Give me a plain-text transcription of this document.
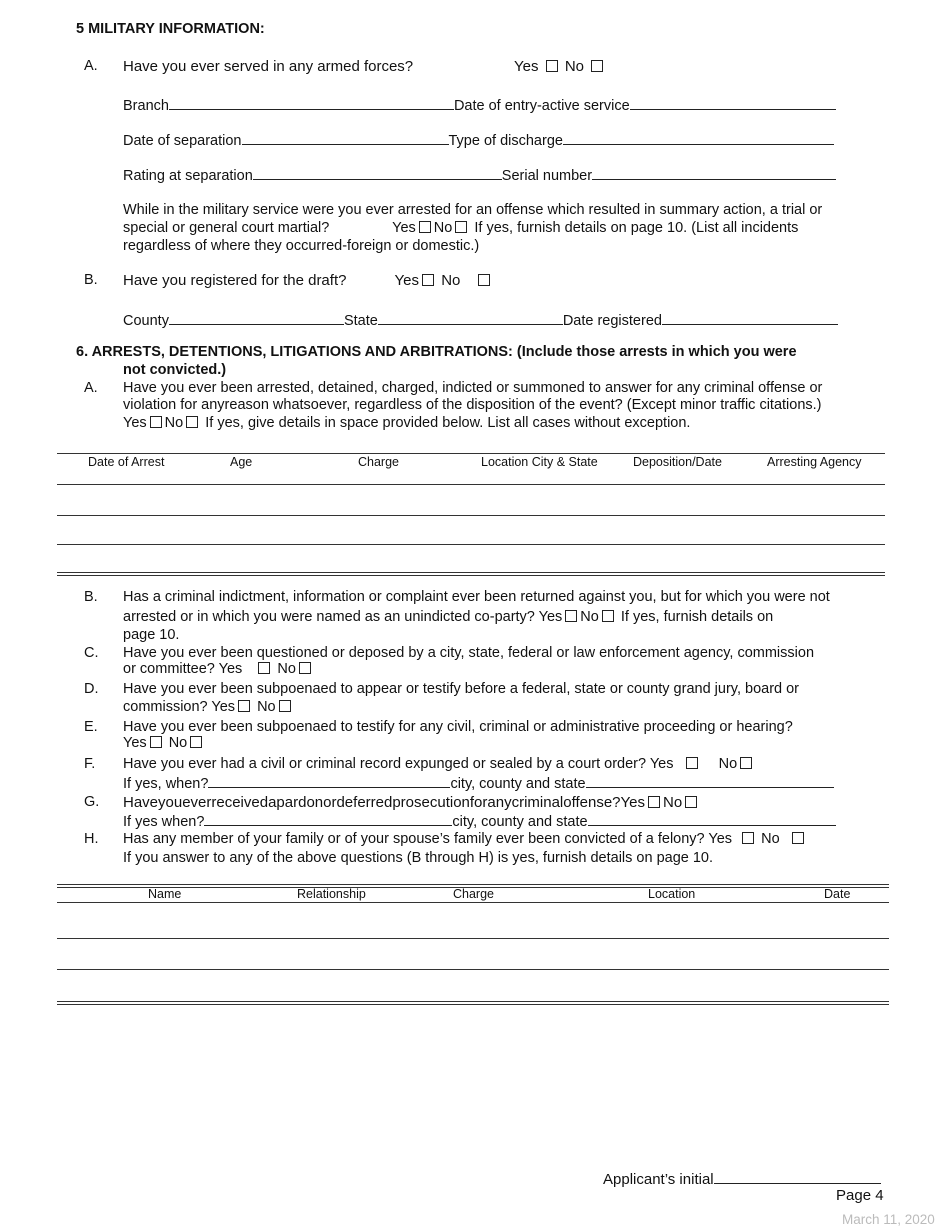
5 MILITARY INFORMATION:
A. Have you ever served in any armed forces?	Yes No
Branch	Date of entry-active service
Date of separation	Type of discharge
Rating at separation	Serial number
While in the military service were you ever arrested for an offense which resulted in summary action, a trial or
special or general court martial?	Yes No If yes, furnish details on page 10. (List all incidents
regardless of where they occurred-foreign or domestic.)
B. Have you registered for the draft?	Yes No
County	State	Date registered
6. ARRESTS, DETENTIONS, LITIGATIONS AND ARBITRATIONS: (Include those arrests in which you were
not convicted.)
A. Have you ever been arrested, detained, charged, indicted or summoned to answer for any criminal offense or
violation for anyreason whatsoever, regardless of the disposition of the event? (Except minor traffic citations.)
Yes No If yes, give details in space provided below. List all cases without exception.
Date of Arrest	Age	Charge	Location City & State	Deposition/Date	Arresting Agency
B. Has a criminal indictment, information or complaint ever been returned against you, but for which you were not
arrested or in which you were named as an unindicted co-party? Yes No If yes, furnish details on
page 10.
C. Have you ever been questioned or deposed by a city, state, federal or law enforcement agency, commission
or committee? Yes No
D. Have you ever been subpoenaed to appear or testify before a federal, state or county grand jury, board or
commission? Yes No
E. Have you ever been subpoenaed to testify for any civil, criminal or administrative proceeding or hearing?
Yes No
F. Have you ever had a civil or criminal record expunged or sealed by a court order? Yes	No
If yes, when?	city, county and state
G. Haveyoueverreceivedapardonordeferredprosecutionforanycriminaloffense?Yes No
If yes when?	city, county and state
H. Has any member of your family or of your spouse’s family ever been convicted of a felony? Yes No
If you answer to any of the above questions (B through H) is yes, furnish details on page 10.
Name	Relationship	Charge	Location	Date
Applicant’s initial
Page 4
March 11, 2020
